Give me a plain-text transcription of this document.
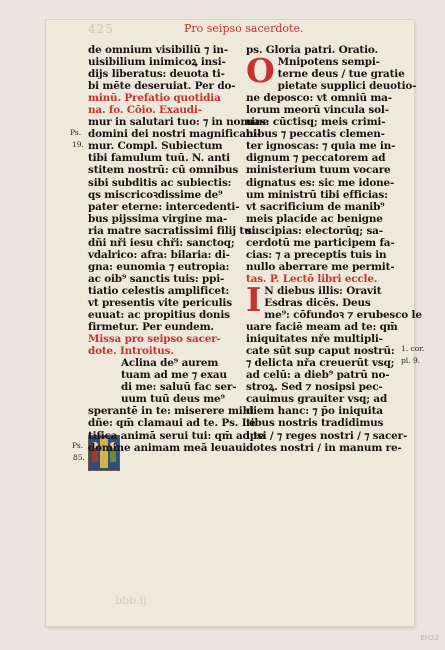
425
bbb ij
EH22
Pro seipso sacerdote.
Ps.
19.
Ps.
85.
1. cor.
pl. 9.
de omnium visibiliū ⁊ in-
uisibilium inimicoꝝ insi-
dijs liberatus: deuota ti-
bi mēte deseruiat. Per do-
minū. Prefatio quotidia
na. fo. Cōio. Exaudi-
mur in salutari tuo: ⁊ in nomine
domini dei nostri magnificabi-
mur. Compl. Subiectum
tibi famulum tuū. N. anti
stitem nostrū: cū omnibus
sibi subditis ac subiectis:
qs miscricoꝛdissime de⁹
pater eterne: intercedenti-
bus pijssima virgine ma-
ria matre sacratissimi filij tui
dñi nři iesu chři: sanctoq;
vdalrico: afra: bilaria: di-
gna: eunomia ⁊ eutropia:
ac oib⁹ sanctis tuis: ppi-
tiatio celestis amplificet:
vt presentis vite periculis
euuat: ac propitius donis
firmetur. Per eundem.
Missa pro seipso sacer-
dote. Introitus.
Aclina de⁹ aurem
tuam ad me ⁊ exau
di me: saluū fac ser-
uum tuū deus me⁹
sperantē in te: miserere mihi
dñe: qm̄ clamaui ad te. Ps. Le
tifica animā serui tui: qm̄ ad te
domine animam meā leuaui.
ps. Gloria patri. Oratio.
O Mnipotens sempi-
terne deus / tue gratie
pietate supplici deuotio-
ne deposco: vt omniū ma-
lorum meorū vincula sol-
uas: cūctisq; meis crimi-
nibus ⁊ peccatis clemen-
ter ignoscas: ⁊ quia me in-
dignum ⁊ peccatorem ad
ministerium tuum vocare
dignatus es: sic me idone-
um ministrū tibi efficias:
vt sacrificium de manib⁹
meis placide ac benigne
suscipias: electorūq; sa-
cerdotū me participem fa-
cias: ⁊ a preceptis tuis in
nullo aberrare me permit-
tas. P. Lectō libri eccle.
I N diebus illis: Oravit
Esdras dicēs. Deus
me⁹: cōfundoꝛ ⁊ erubesco le
uare faciē meam ad te: qm̄
iniquitates nře multipli-
cate sūt sup caput nostrū:
⁊ delicta nřa creuerūt vsq;
ad celū: a dieb⁹ patrū no-
stroꝝ. Sed ⁊ nosipsi pec-
cauimus grauiter vsq; ad
diem hanc: ⁊ p̄o iniquita
tibus nostris tradidimus
ipsi / ⁊ reges nostri / ⁊ sacer-
dotes nostri / in manum re-
